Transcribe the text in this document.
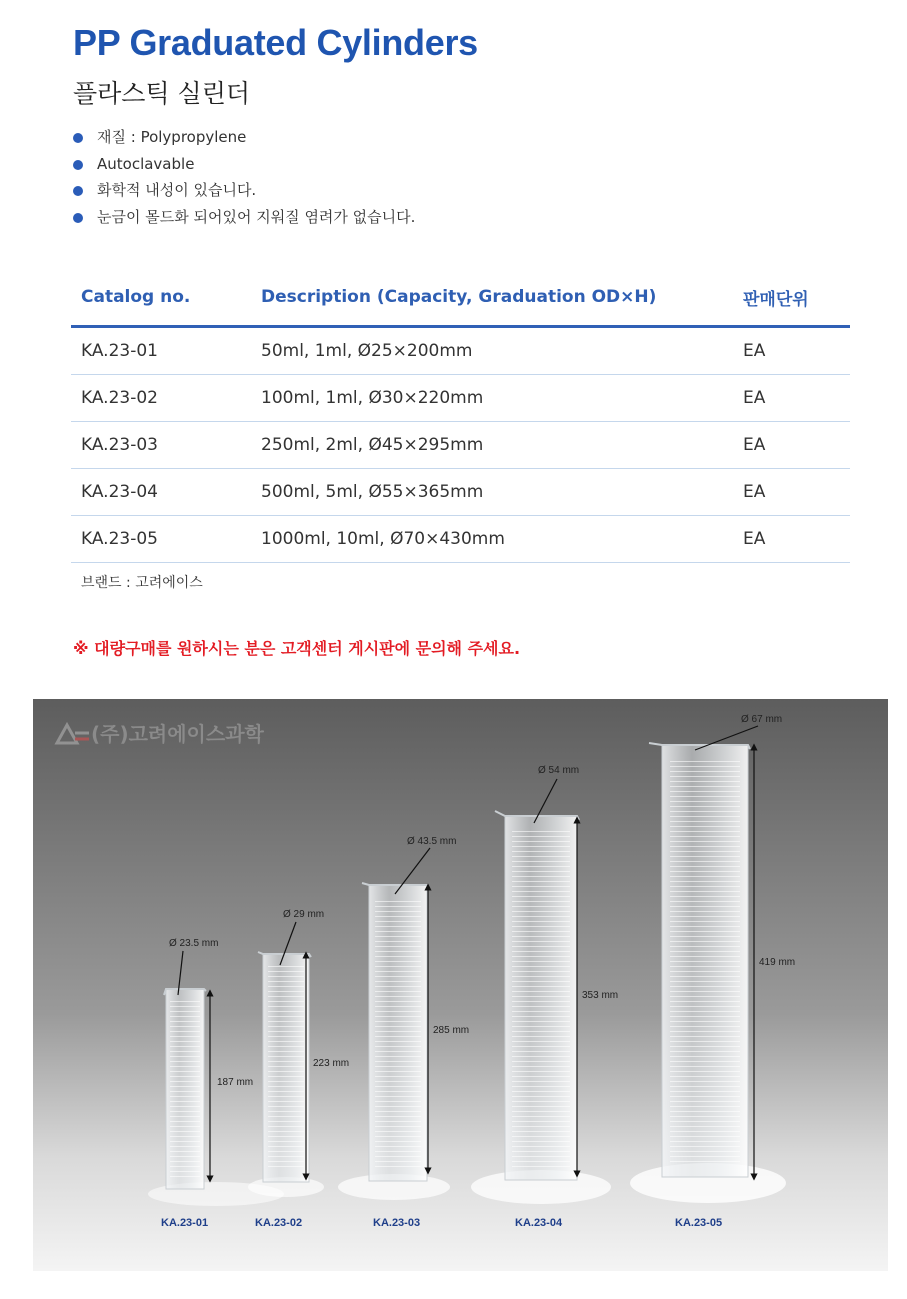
PP Graduated Cylinders
플라스틱 실린더
재질 : Polypropylene
Autoclavable
화학적 내성이 있습니다.
눈금이 몰드화 되어있어 지워질 염려가 없습니다.
Catalog no.	Description (Capacity, Graduation OD×H)	판매단위
KA.23-01	50ml, 1ml, Ø25×200mm	EA
KA.23-02	100ml, 1ml, Ø30×220mm	EA
KA.23-03	250ml, 2ml, Ø45×295mm	EA
KA.23-04	500ml, 5ml, Ø55×365mm	EA
KA.23-05	1000ml, 10ml, Ø70×430mm	EA
브랜드 : 고려에이스
※ 대량구매를 원하시는 분은 고객센터 게시판에 문의해 주세요.
(주)고려에이스과학
Ø 23.5 mm
Ø 29 mm
Ø 43.5 mm
Ø 54 mm
Ø 67 mm
187 mm
223 mm
285 mm
353 mm
419 mm
KA.23-01	KA.23-02	KA.23-03	KA.23-04	KA.23-05
